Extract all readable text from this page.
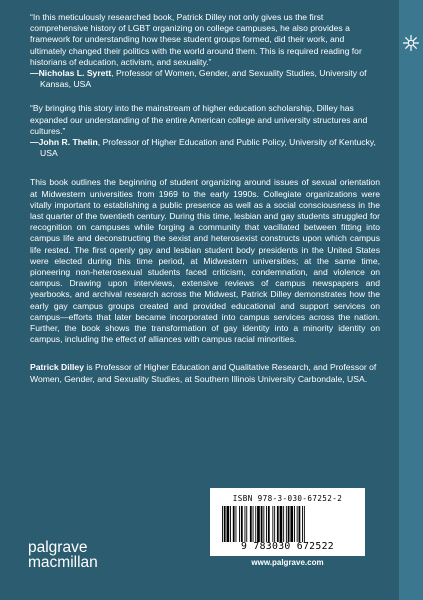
“In this meticulously researched book, Patrick Dilley not only gives us the first comprehensive history of LGBT organizing on college campuses, he also provides a framework for understanding how these student groups formed, did their work, and ultimately changed their politics with the world around them. This is required reading for historians of education, activism, and sexuality.”

—Nicholas L. Syrett, Professor of Women, Gender, and Sexuality Studies, University of Kansas, USA

“By bringing this story into the mainstream of higher education scholarship, Dilley has expanded our understanding of the entire American college and university structures and cultures.”

—John R. Thelin, Professor of Higher Education and Public Policy, University of Kentucky, USA

This book outlines the beginning of student organizing around issues of sexual orientation at Midwestern universities from 1969 to the early 1990s. Collegiate organizations were vitally important to establishing a public presence as well as a social consciousness in the last quarter of the twentieth century. During this time, lesbian and gay students struggled for recognition on campuses while forging a community that vacillated between fitting into campus life and deconstructing the sexist and heterosexist constructs upon which campus life rested. The first openly gay and lesbian student body presidents in the United States were elected during this time period, at Midwestern universities; at the same time, pioneering non-heterosexual students faced criticism, condemnation, and violence on campus. Drawing upon interviews, extensive reviews of campus newspapers and yearbooks, and archival research across the Midwest, Patrick Dilley demonstrates how the early gay campus groups created and provided educational and support services on campus—efforts that later became incorporated into campus services across the nation. Further, the book shows the transformation of gay identity into a minority identity on campus, including the effect of alliances with campus racial minorities.

Patrick Dilley is Professor of Higher Education and Qualitative Research, and Professor of Women, Gender, and Sexuality Studies, at Southern Illinois University Carbondale, USA.

ISBN 978-3-030-67252-2
9 783030 672522
www.palgrave.com
palgrave
macmillan
